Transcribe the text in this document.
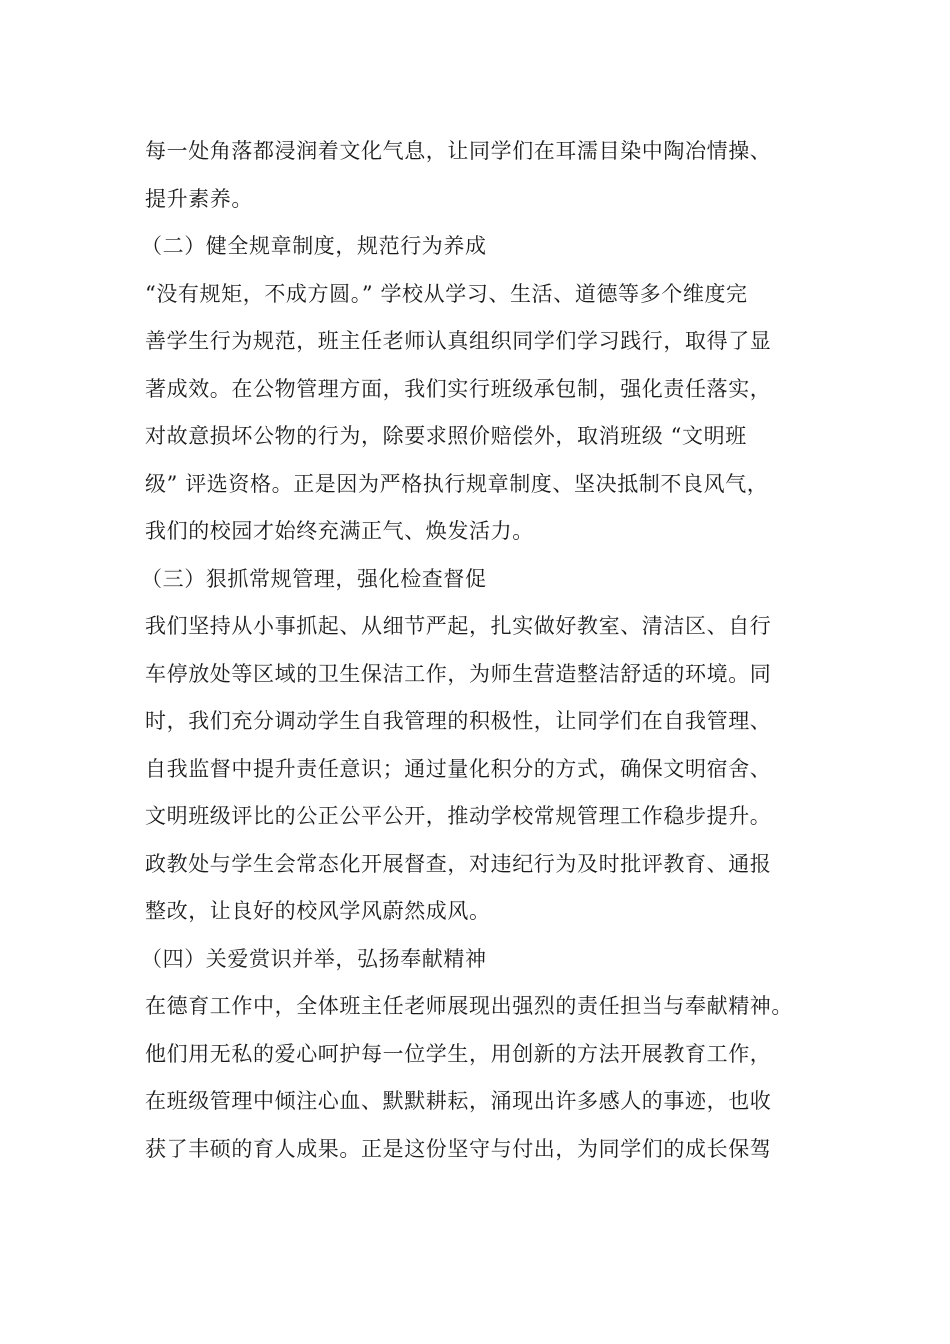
每一处角落都浸润着文化气息，让同学们在耳濡目染中陶冶情操、
提升素养。
（二）健全规章制度，规范行为养成
“没有规矩，不成方圆。” 学校从学习、生活、道德等多个维度完
善学生行为规范，班主任老师认真组织同学们学习践行，取得了显
著成效。在公物管理方面，我们实行班级承包制，强化责任落实，
对故意损坏公物的行为，除要求照价赔偿外，取消班级 “文明班
级” 评选资格。正是因为严格执行规章制度、坚决抵制不良风气，
我们的校园才始终充满正气、焕发活力。
（三）狠抓常规管理，强化检查督促
我们坚持从小事抓起、从细节严起，扎实做好教室、清洁区、自行
车停放处等区域的卫生保洁工作，为师生营造整洁舒适的环境。同
时，我们充分调动学生自我管理的积极性，让同学们在自我管理、
自我监督中提升责任意识；通过量化积分的方式，确保文明宿舍、
文明班级评比的公正公平公开，推动学校常规管理工作稳步提升。
政教处与学生会常态化开展督查，对违纪行为及时批评教育、通报
整改，让良好的校风学风蔚然成风。
（四）关爱赏识并举，弘扬奉献精神
在德育工作中，全体班主任老师展现出强烈的责任担当与奉献精神。
他们用无私的爱心呵护每一位学生，用创新的方法开展教育工作，
在班级管理中倾注心血、默默耕耘，涌现出许多感人的事迹，也收
获了丰硕的育人成果。正是这份坚守与付出，为同学们的成长保驾
